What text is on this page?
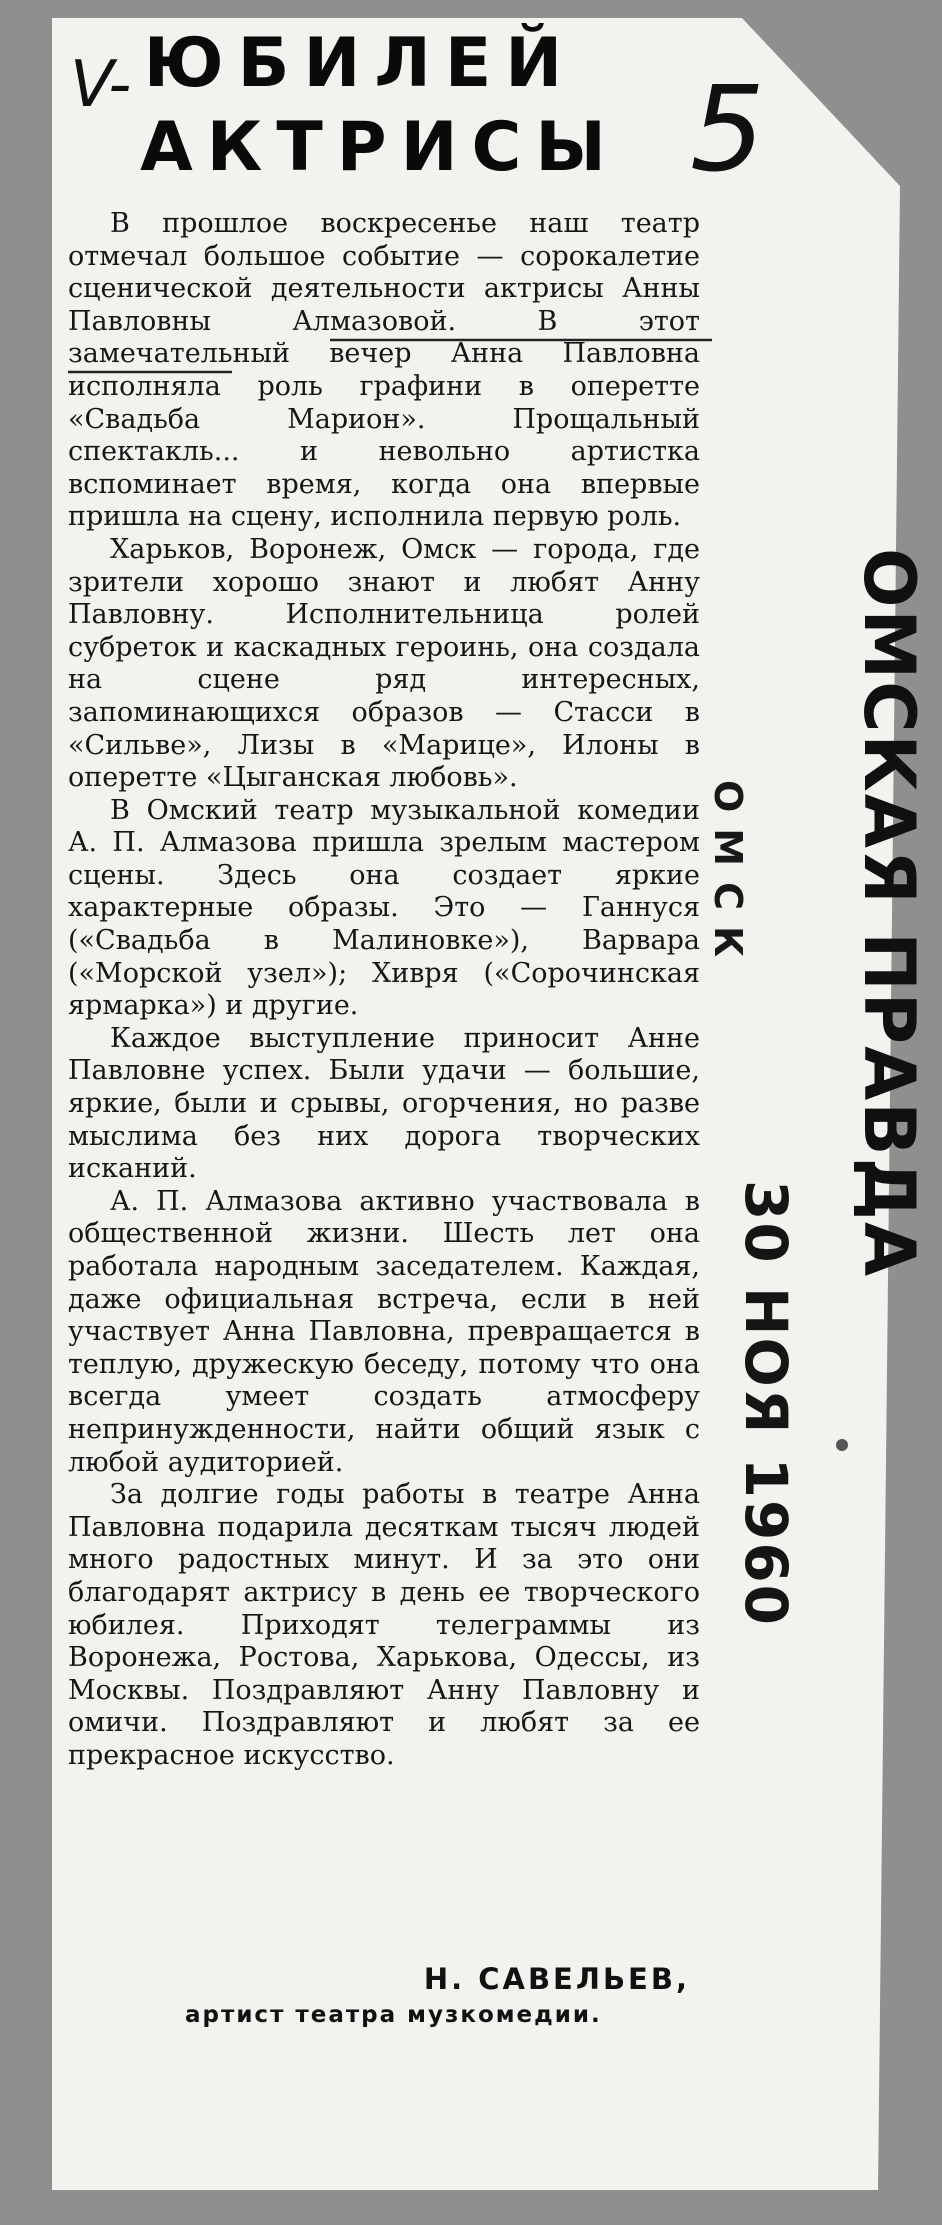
V-	5
ЮБИЛЕЙ
АКТРИСЫ

В прошлое воскресенье наш театр отмечал большое событие — сорокалетие сценической деятельности актрисы Анны Павловны Алмазовой. В этот замечательный вечер Анна Павловна исполняла роль графини в оперетте «Свадьба Марион». Прощальный спектакль... и невольно артистка вспоминает время, когда она впервые пришла на сцену, исполнила первую роль.

Харьков, Воронеж, Омск — города, где зрители хорошо знают и любят Анну Павловну. Исполнительница ролей субреток и каскадных героинь, она создала на сцене ряд интересных, запоминающихся образов — Стасси в «Сильве», Лизы в «Марице», Илоны в оперетте «Цыганская любовь».

В Омский театр музыкальной комедии А. П. Алмазова пришла зрелым мастером сцены. Здесь она создает яркие характерные образы. Это — Ганнуся («Свадьба в Малиновке»), Варвара («Морской узел»); Хивря («Сорочинская ярмарка») и другие.

Каждое выступление приносит Анне Павловне успех. Были удачи — большие, яркие, были и срывы, огорчения, но разве мыслима без них дорога творческих исканий.

А. П. Алмазова активно участвовала в общественной жизни. Шесть лет она работала народным заседателем. Каждая, даже официальная встреча, если в ней участвует Анна Павловна, превращается в теплую, дружескую беседу, потому что она всегда умеет создать атмосферу непринужденности, найти общий язык с любой аудиторией.

За долгие годы работы в театре Анна Павловна подарила десяткам тысяч людей много радостных минут. И за это они благодарят актрису в день ее творческого юбилея. Приходят телеграммы из Воронежа, Ростова, Харькова, Одессы, из Москвы. Поздравляют Анну Павловну и омичи. Поздравляют и любят за ее прекрасное искусство.

Н. САВЕЛЬЕВ,
артист театра музкомедии.
ОМСКАЯ ПРАВДА
ОМСК
30 НОЯ 1960
